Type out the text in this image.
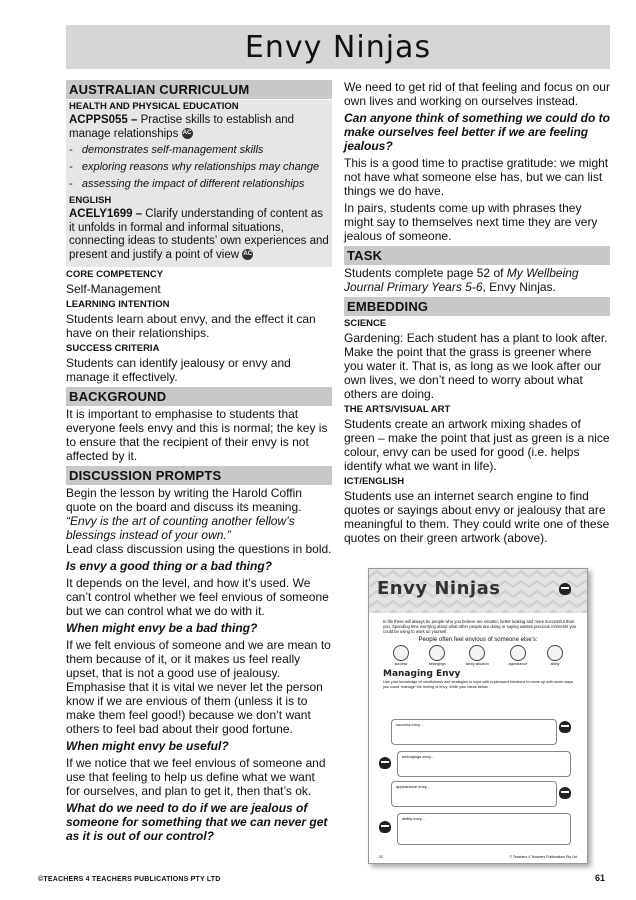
Envy Ninjas
AUSTRALIAN CURRICULUM
HEALTH AND PHYSICAL EDUCATION

ACPPS055 – Practise skills to establish and manage relationships AC

-   demonstrates self-management skills
-   exploring reasons why relationships may change
-   assessing the impact of different relationships
ENGLISH

ACELY1699 – Clarify understanding of content as it unfolds in formal and informal situations, connecting ideas to students’ own experiences and present and justify a point of view AC

CORE COMPETENCY

Self-Management

LEARNING INTENTION

Students learn about envy, and the effect it can have on their relationships.

SUCCESS CRITERIA

Students can identify jealousy or envy and manage it effectively.

BACKGROUND

It is important to emphasise to students that everyone feels envy and this is normal; the key is to ensure that the recipient of their envy is not affected by it.

DISCUSSION PROMPTS

Begin the lesson by writing the Harold Coffin quote on the board and discuss its meaning.

“Envy is the art of counting another fellow’s blessings instead of your own.”

Lead class discussion using the questions in bold.

Is envy a good thing or a bad thing?

It depends on the level, and how it’s used. We can’t control whether we feel envious of someone but we can control what we do with it.

When might envy be a bad thing?

If we felt envious of someone and we are mean to them because of it, or it makes us feel really upset, that is not a good use of jealousy. Emphasise that it is vital we never let the person know if we are envious of them (unless it is to make them feel good!) because we don’t want others to feel bad about their good fortune.

When might envy be useful?

If we notice that we feel envious of someone and use that feeling to help us define what we want for ourselves, and plan to get it, then that’s ok.

What do we need to do if we are jealous of someone for something that we can never get as it is out of our control?

We need to get rid of that feeling and focus on our own lives and working on ourselves instead.

Can anyone think of something we could do to make ourselves feel better if we are feeling jealous?

This is a good time to practise gratitude: we might not have what someone else has, but we can list things we do have.

In pairs, students come up with phrases they might say to themselves next time they are very jealous of someone.

TASK

Students complete page 52 of My Wellbeing Journal Primary Years 5-6, Envy Ninjas.

EMBEDDING
SCIENCE

Gardening: Each student has a plant to look after. Make the point that the grass is greener where you water it. That is, as long as we look after our own lives, we don’t need to worry about what others are doing.

THE ARTS/VISUAL ART

Students create an artwork mixing shades of green – make the point that just as green is a nice colour, envy can be used for good (i.e. helps identify what we want in life).

ICT/ENGLISH

Students use an internet search engine to find quotes or sayings about envy or jealousy that are meaningful to them. They could write one of these quotes on their green artwork (above).

Envy Ninjas
In life there will always be people who you believe are smarter, better looking and more successful than you. Spending time worrying about what other people are doing or saying wastes precious moments you could be using to work on yourself.
People often feel envious of someone else’s:
success	belongings	family situation	appearance	ability
Managing Envy
Use your knowledge of mindfulness and strategies to cope with unpleasant emotions to come up with some ways you could ‘manage’ the feeling of envy. Write your ideas below.
success envy...
belongings envy...
appearance envy...
ability envy...
52	© Teachers 4 Teachers Publications Pty Ltd
©TEACHERS 4 TEACHERS PUBLICATIONS PTY LTD	61
